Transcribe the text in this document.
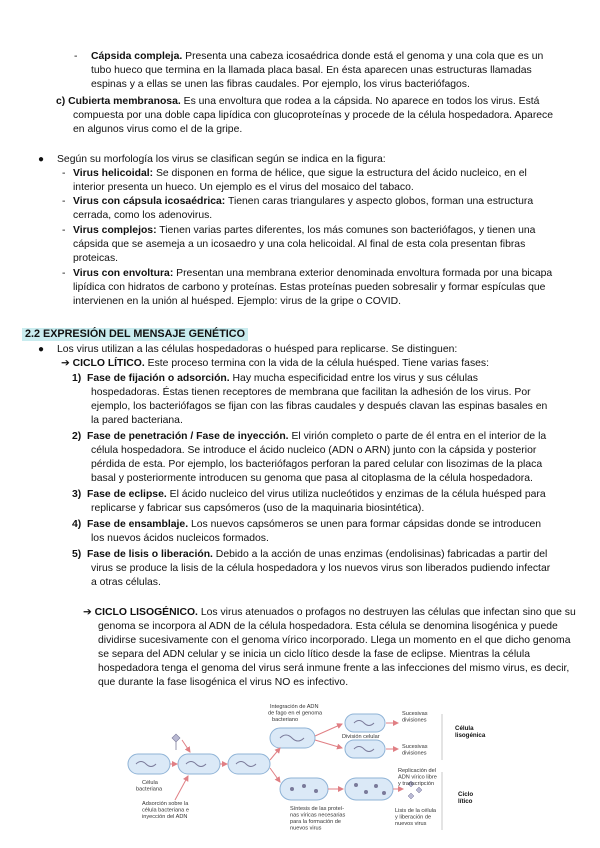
- Cápsida compleja. Presenta una cabeza icosaédrica donde está el genoma y una cola que es un
tubo hueco que termina en la llamada placa basal. En ésta aparecen unas estructuras llamadas
espinas y a ellas se unen las fibras caudales. Por ejemplo, los virus bacteriófagos.
c) Cubierta membranosa. Es una envoltura que rodea a la cápsida. No aparece en todos los virus. Está
compuesta por una doble capa lipídica con glucoproteínas y procede de la célula hospedadora. Aparece
en algunos virus como el de la gripe.
● Según su morfología los virus se clasifican según se indica en la figura:
- Virus helicoidal: Se disponen en forma de hélice, que sigue la estructura del ácido nucleico, en el
interior presenta un hueco. Un ejemplo es el virus del mosaico del tabaco.
- Virus con cápsula icosaédrica: Tienen caras triangulares y aspecto globos, forman una estructura
cerrada, como los adenovirus.
- Virus complejos: Tienen varias partes diferentes, los más comunes son bacteriófagos, y tienen una
cápsida que se asemeja a un icosaedro y una cola helicoidal. Al final de esta cola presentan fibras
proteicas.
- Virus con envoltura: Presentan una membrana exterior denominada envoltura formada por una bicapa
lipídica con hidratos de carbono y proteínas. Estas proteínas pueden sobresalir y formar espículas que
intervienen en la unión al huésped. Ejemplo: virus de la gripe o COVID.
2.2 EXPRESIÓN DEL MENSAJE GENÉTICO
● Los virus utilizan a las células hospedadoras o huésped para replicarse. Se distinguen:
➔ CICLO LÍTICO. Este proceso termina con la vida de la célula huésped. Tiene varias fases:
1) Fase de fijación o adsorción. Hay mucha especificidad entre los virus y sus células
hospedadoras. Éstas tienen receptores de membrana que facilitan la adhesión de los virus. Por
ejemplo, los bacteriófagos se fijan con las fibras caudales y después clavan las espinas basales en
la pared bacteriana.
2) Fase de penetración / Fase de inyección. El virión completo o parte de él entra en el interior de la
célula hospedadora. Se introduce el ácido nucleico (ADN o ARN) junto con la cápsida y posterior
pérdida de esta. Por ejemplo, los bacteriófagos perforan la pared celular con lisozimas de la placa
basal y posteriormente introducen su genoma que pasa al citoplasma de la célula hospedadora.
3) Fase de eclipse. El ácido nucleico del virus utiliza nucleótidos y enzimas de la célula huésped para
replicarse y fabricar sus capsómeros (uso de la maquinaria biosintética).
4) Fase de ensamblaje. Los nuevos capsómeros se unen para formar cápsidas donde se introducen
los nuevos ácidos nucleicos formados.
5) Fase de lisis o liberación. Debido a la acción de unas enzimas (endolisinas) fabricadas a partir del
virus se produce la lisis de la célula hospedadora y los nuevos virus son liberados pudiendo infectar
a otras células.
➔ CICLO LISOGÉNICO. Los virus atenuados o profagos no destruyen las células que infectan sino que su
genoma se incorpora al ADN de la célula hospedadora. Esta célula se denomina lisogénica y puede
dividirse sucesivamente con el genoma vírico incorporado. Llega un momento en el que dicho genoma
se separa del ADN celular y se inicia un ciclo lítico desde la fase de eclipse. Mientras la célula
hospedadora tenga el genoma del virus será inmune frente a las infecciones del mismo virus, es decir,
que durante la fase lisogénica el virus NO es infectivo.
Integración de ADN de fago en el genoma bacteriano
División celular
Sucesivas divisiones
Sucesivas divisiones
Célula lisogénica
Célula bacteriana
Adsorción sobre la célula bacteriana e inyección del ADN
Replicación del ADN vírico libre y transcripción
Síntesis de las proteí-nas víricas necesarias para la formación de nuevos virus
Lisis de la célula y liberación de nuevos virus
Ciclo lítico
